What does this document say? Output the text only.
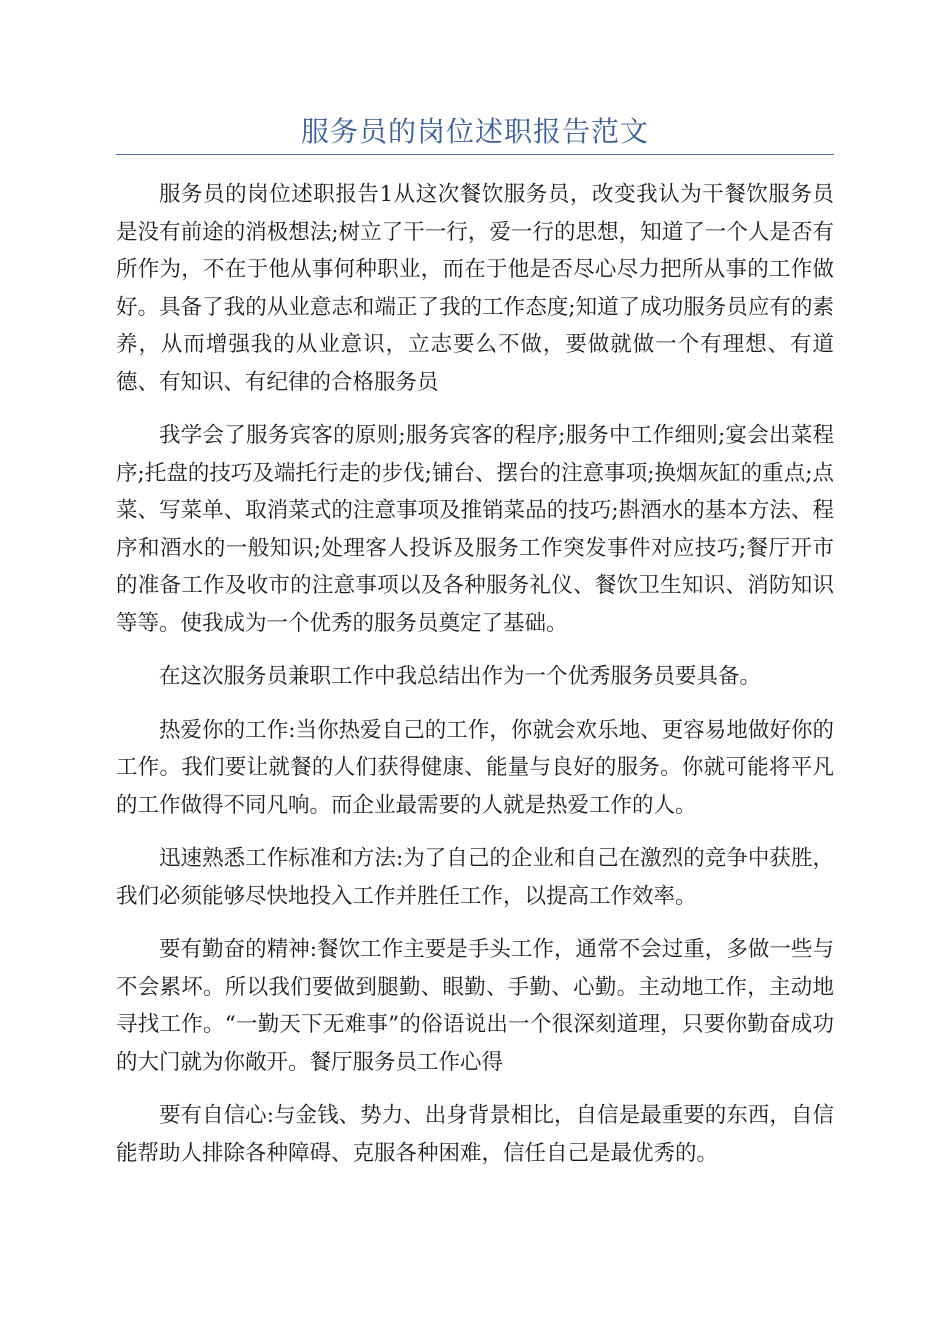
服务员的岗位述职报告范文

服务员的岗位述职报告1从这次餐饮服务员，改变我认为干餐饮服务员是没有前途的消极想法;树立了干一行，爱一行的思想，知道了一个人是否有所作为，不在于他从事何种职业，而在于他是否尽心尽力把所从事的工作做好。具备了我的从业意志和端正了我的工作态度;知道了成功服务员应有的素养，从而增强我的从业意识，立志要么不做，要做就做一个有理想、有道德、有知识、有纪律的合格服务员

我学会了服务宾客的原则;服务宾客的程序;服务中工作细则;宴会出菜程序;托盘的技巧及端托行走的步伐;铺台、摆台的注意事项;换烟灰缸的重点;点菜、写菜单、取消菜式的注意事项及推销菜品的技巧;斟酒水的基本方法、程序和酒水的一般知识;处理客人投诉及服务工作突发事件对应技巧;餐厅开市的准备工作及收市的注意事项以及各种服务礼仪、餐饮卫生知识、消防知识等等。使我成为一个优秀的服务员奠定了基础。

在这次服务员兼职工作中我总结出作为一个优秀服务员要具备。

热爱你的工作:当你热爱自己的工作，你就会欢乐地、更容易地做好你的工作。我们要让就餐的人们获得健康、能量与良好的服务。你就可能将平凡的工作做得不同凡响。而企业最需要的人就是热爱工作的人。

迅速熟悉工作标准和方法:为了自己的企业和自己在激烈的竞争中获胜，我们必须能够尽快地投入工作并胜任工作，以提高工作效率。

要有勤奋的精神:餐饮工作主要是手头工作，通常不会过重，多做一些与不会累坏。所以我们要做到腿勤、眼勤、手勤、心勤。主动地工作，主动地寻找工作。“一勤天下无难事”的俗语说出一个很深刻道理，只要你勤奋成功的大门就为你敞开。餐厅服务员工作心得

要有自信心:与金钱、势力、出身背景相比，自信是最重要的东西，自信能帮助人排除各种障碍、克服各种困难，信任自己是最优秀的。
